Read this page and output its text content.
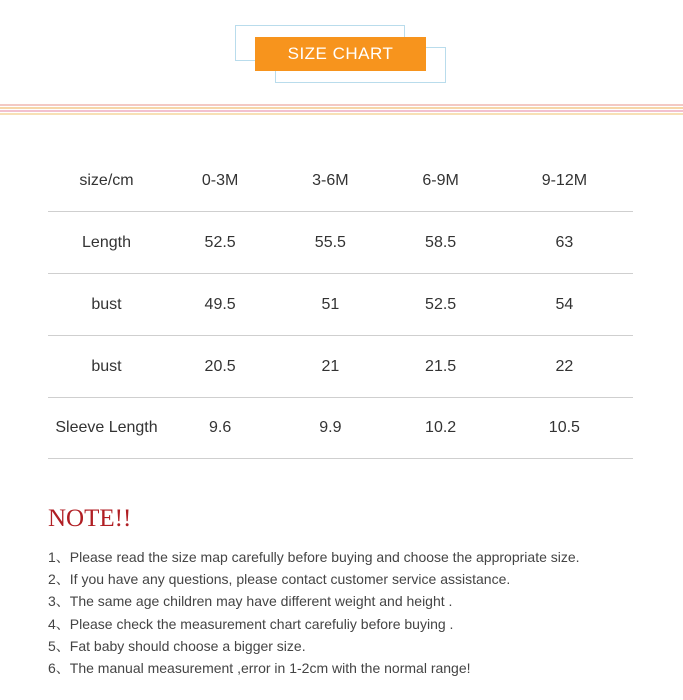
SIZE CHART
size/cm	0-3M	3-6M	6-9M	9-12M
Length	52.5	55.5	58.5	63
bust	49.5	51	52.5	54
bust	20.5	21	21.5	22
Sleeve Length	9.6	9.9	10.2	10.5
NOTE!!
1、Please read the size map carefully before buying and choose the appropriate size.
2、If you have any questions, please contact customer service assistance.
3、The same age children may have different weight and height .
4、Please check the measurement chart carefuliy before buying .
5、Fat baby should choose a bigger size.
6、The manual measurement ,error in 1-2cm with the normal range!
